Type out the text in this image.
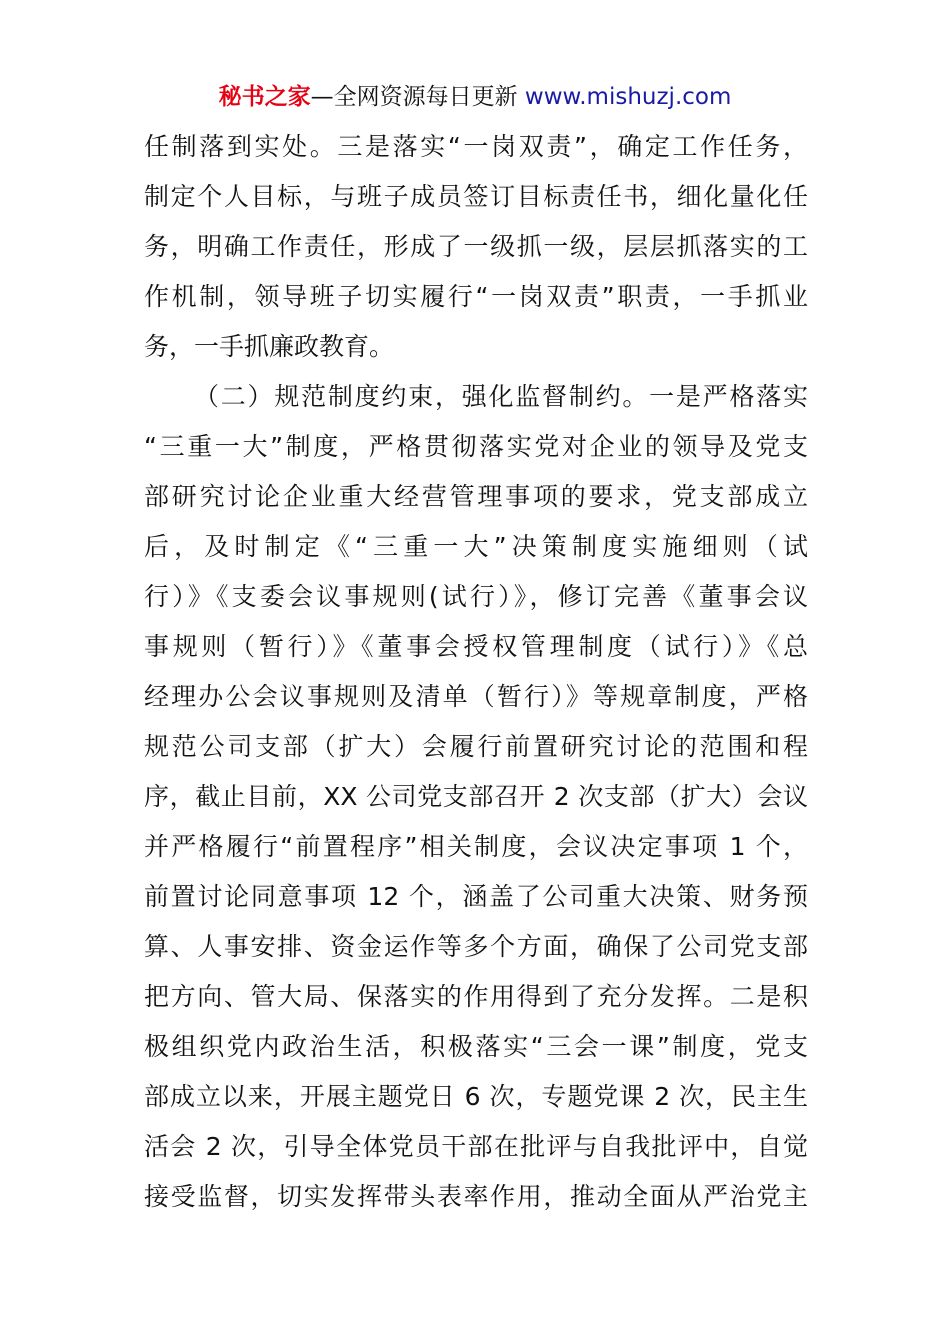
秘书之家—全网资源每日更新 www.mishuzj.com
任制落到实处。三是落实“一岗双责”，确定工作任务，
制定个人目标，与班子成员签订目标责任书，细化量化任
务，明确工作责任，形成了一级抓一级，层层抓落实的工
作机制，领导班子切实履行“一岗双责”职责，一手抓业
务，一手抓廉政教育。
（二）规范制度约束，强化监督制约。一是严格落实
“三重一大”制度，严格贯彻落实党对企业的领导及党支
部研究讨论企业重大经营管理事项的要求，党支部成立
后，及时制定《“三重一大”决策制度实施细则（试
行）》《支委会议事规则(试行）》，修订完善《董事会议
事规则（暂行）》《董事会授权管理制度（试行）》《总
经理办公会议事规则及清单（暂行）》等规章制度，严格
规范公司支部（扩大）会履行前置研究讨论的范围和程
序，截止目前，XX 公司党支部召开 2 次支部（扩大）会议
并严格履行“前置程序”相关制度，会议决定事项 1 个，
前置讨论同意事项 12 个，涵盖了公司重大决策、财务预
算、人事安排、资金运作等多个方面，确保了公司党支部
把方向、管大局、保落实的作用得到了充分发挥。二是积
极组织党内政治生活，积极落实“三会一课”制度，党支
部成立以来，开展主题党日 6 次，专题党课 2 次，民主生
活会 2 次，引导全体党员干部在批评与自我批评中，自觉
接受监督，切实发挥带头表率作用，推动全面从严治党主
